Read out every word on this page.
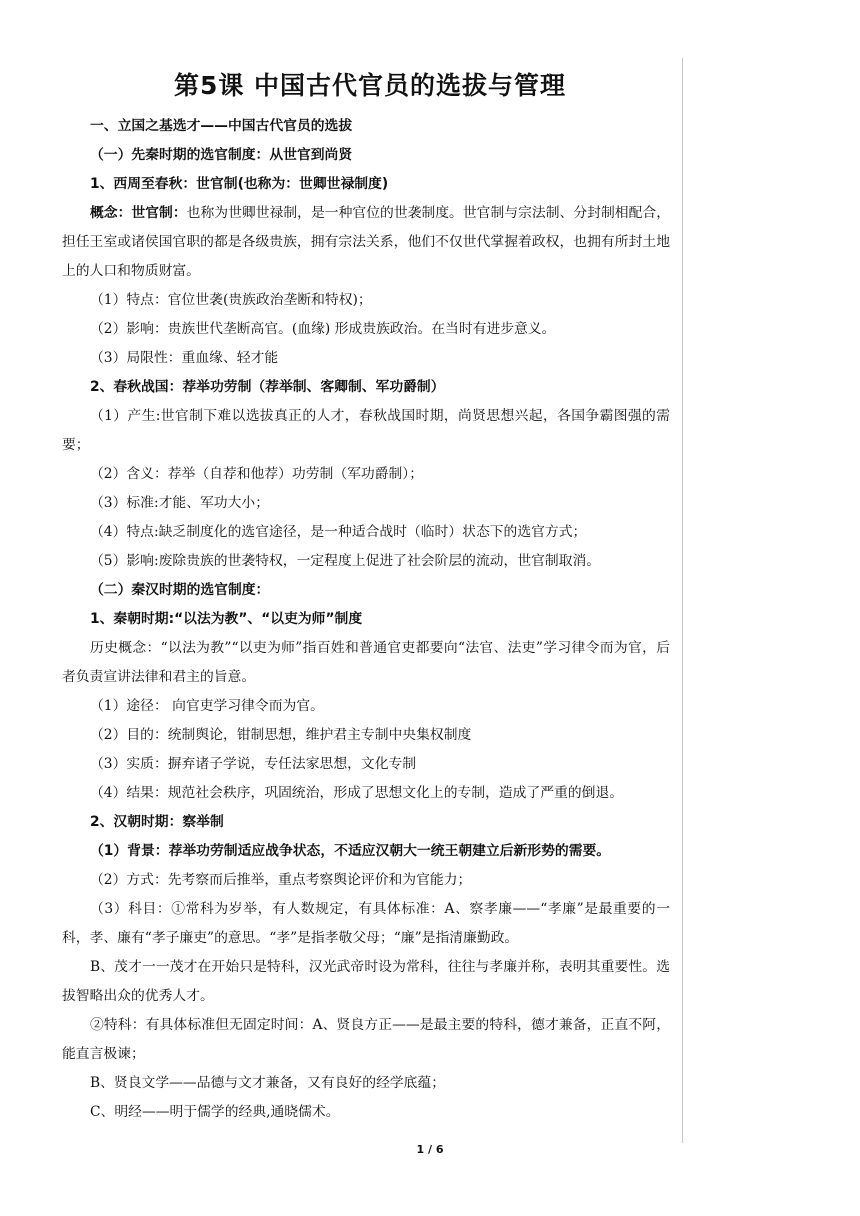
第5课 中国古代官员的选拔与管理

一、立国之基选才——中国古代官员的选拔

（一）先秦时期的选官制度：从世官到尚贤

1、西周至春秋：世官制(也称为：世卿世禄制度)

概念：世官制：也称为世卿世禄制，是一种官位的世袭制度。世官制与宗法制、分封制相配合，担任王室或诸侯国官职的都是各级贵族，拥有宗法关系，他们不仅世代掌握着政权，也拥有所封土地上的人口和物质财富。

（1）特点：官位世袭(贵族政治垄断和特权)；

（2）影响：贵族世代垄断高官。(血缘) 形成贵族政治。在当时有进步意义。

（3）局限性：重血缘、轻才能

2、春秋战国：荐举功劳制（荐举制、客卿制、军功爵制）

（1）产生:世官制下难以选拔真正的人才，春秋战国时期，尚贤思想兴起，各国争霸图强的需要；

（2）含义：荐举（自荐和他荐）功劳制（军功爵制）；

（3）标准:才能、军功大小；

（4）特点:缺乏制度化的选官途径，是一种适合战时（临时）状态下的选官方式；

（5）影响:废除贵族的世袭特权，一定程度上促进了社会阶层的流动，世官制取消。

（二）秦汉时期的选官制度：

1、秦朝时期:“以法为教”、“以吏为师”制度

历史概念：“以法为教”“以吏为师”指百姓和普通官吏都要向“法官、法吏”学习律令而为官，后者负责宣讲法律和君主的旨意。

（1）途径： 向官吏学习律令而为官。

（2）目的：统制舆论，钳制思想，维护君主专制中央集权制度

（3）实质：摒弃诸子学说，专任法家思想，文化专制

（4）结果：规范社会秩序，巩固统治，形成了思想文化上的专制，造成了严重的倒退。

2、汉朝时期：察举制

（1）背景：荐举功劳制适应战争状态，不适应汉朝大一统王朝建立后新形势的需要。

（2）方式：先考察而后推举，重点考察舆论评价和为官能力；

（3）科目：①常科为岁举，有人数规定，有具体标准：A、察孝廉——“孝廉”是最重要的一科，孝、廉有“孝子廉吏”的意思。“孝”是指孝敬父母；“廉”是指清廉勤政。

B、茂才一一茂才在开始只是特科，汉光武帝时设为常科，往往与孝廉并称，表明其重要性。选拔智略出众的优秀人才。

②特科：有具体标准但无固定时间：A、贤良方正——是最主要的特科，德才兼备，正直不阿，能直言极谏；

B、贤良文学——品德与文才兼备，又有良好的经学底蕴；

C、明经——明于儒学的经典,通晓儒术。

1 / 6
